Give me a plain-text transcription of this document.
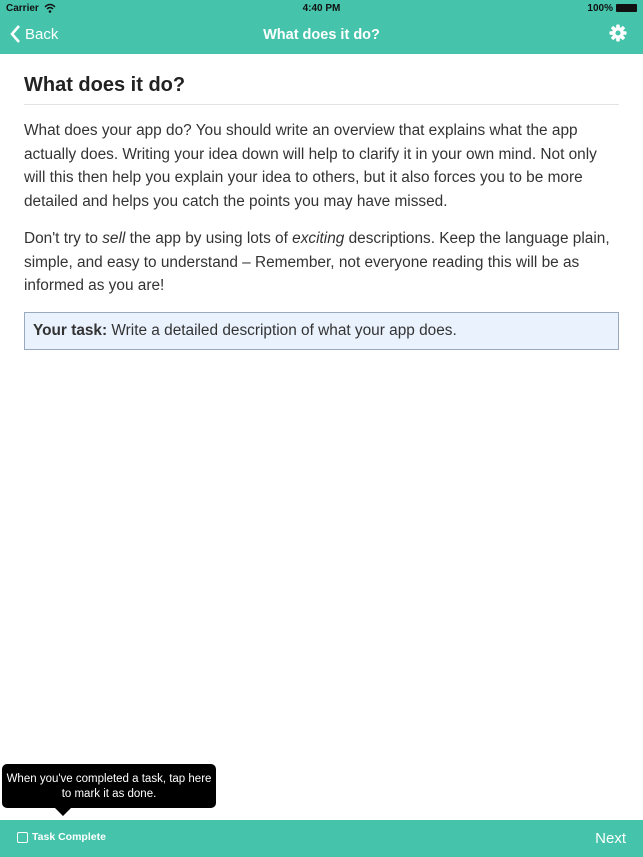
Carrier	4:40 PM	100%
Back	What does it do?
What does it do?

What does your app do? You should write an overview that explains what the app actually does. Writing your idea down will help to clarify it in your own mind. Not only will this then help you explain your idea to others, but it also forces you to be more detailed and helps you catch the points you may have missed.

Don't try to sell the app by using lots of exciting descriptions. Keep the language plain, simple, and easy to understand – Remember, not everyone reading this will be as informed as you are!

Your task: Write a detailed description of what your app does.
When you've completed a task, tap here to mark it as done.
Task Complete	Next
